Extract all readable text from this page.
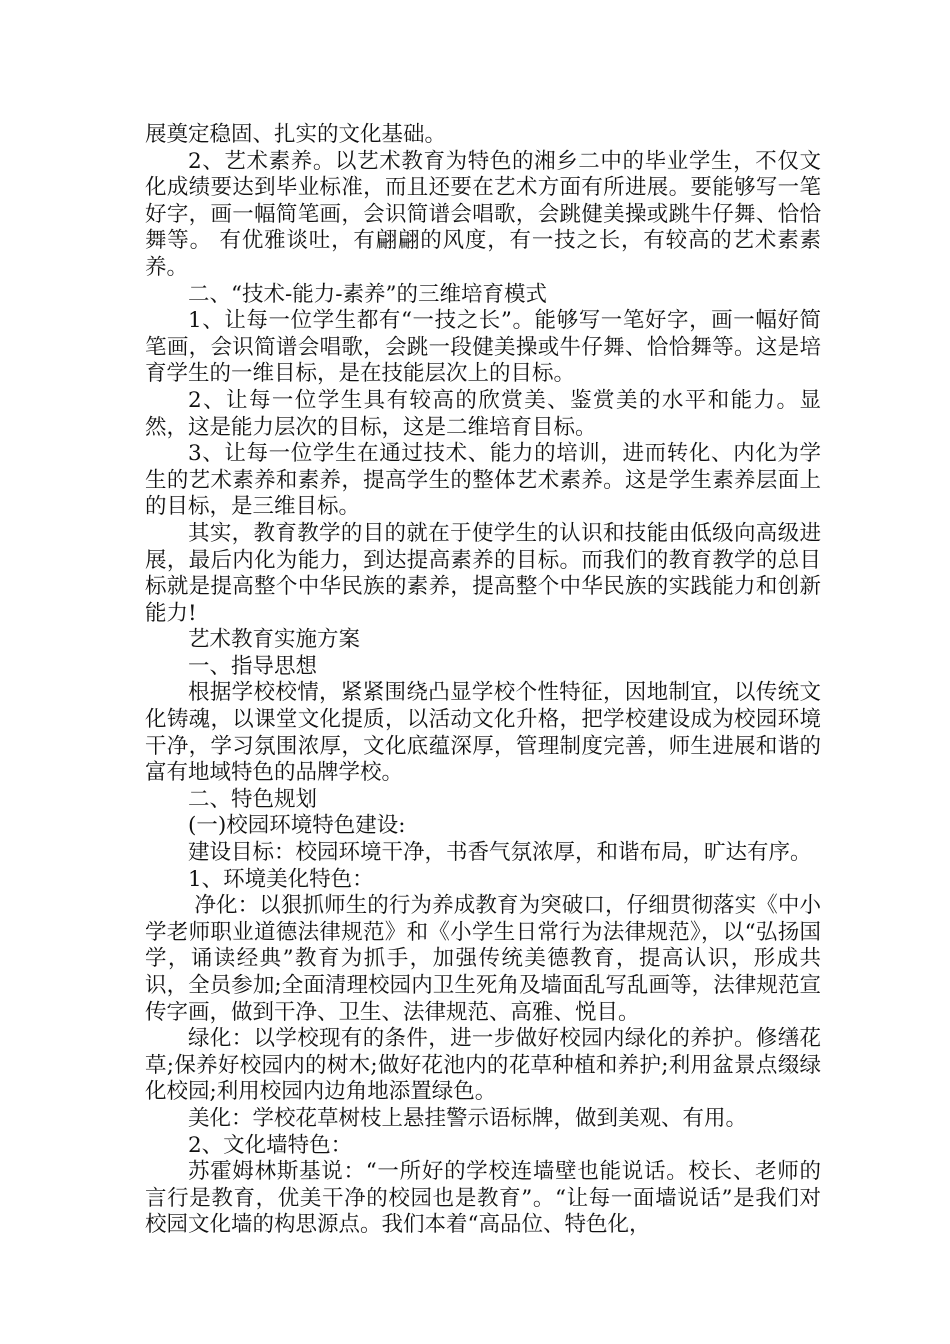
展奠定稳固、扎实的文化基础。

2、艺术素养。以艺术教育为特色的湘乡二中的毕业学生，不仅文化成绩要达到毕业标准，而且还要在艺术方面有所进展。要能够写一笔好字，画一幅简笔画，会识简谱会唱歌，会跳健美操或跳牛仔舞、恰恰舞等。 有优雅谈吐，有翩翩的风度，有一技之长，有较高的艺术素素养。

二、“技术-能力-素养”的三维培育模式

1、让每一位学生都有“一技之长”。能够写一笔好字，画一幅好简笔画，会识简谱会唱歌，会跳一段健美操或牛仔舞、恰恰舞等。这是培育学生的一维目标，是在技能层次上的目标。

2、让每一位学生具有较高的欣赏美、鉴赏美的水平和能力。显然，这是能力层次的目标，这是二维培育目标。

3、让每一位学生在通过技术、能力的培训，进而转化、内化为学生的艺术素养和素养，提高学生的整体艺术素养。这是学生素养层面上的目标，是三维目标。

其实，教育教学的目的就在于使学生的认识和技能由低级向高级进展，最后内化为能力，到达提高素养的目标。而我们的教育教学的总目标就是提高整个中华民族的素养，提高整个中华民族的实践能力和创新能力!

艺术教育实施方案

一、指导思想

根据学校校情，紧紧围绕凸显学校个性特征，因地制宜，以传统文化铸魂，以课堂文化提质，以活动文化升格，把学校建设成为校园环境干净，学习氛围浓厚，文化底蕴深厚，管理制度完善，师生进展和谐的富有地域特色的品牌学校。

二、特色规划

(一)校园环境特色建设:

建设目标：校园环境干净，书香气氛浓厚，和谐布局，旷达有序。

1、环境美化特色：

净化：以狠抓师生的行为养成教育为突破口，仔细贯彻落实《中小学老师职业道德法律规范》和《小学生日常行为法律规范》，以“弘扬国学，诵读经典”教育为抓手，加强传统美德教育，提高认识，形成共识，全员参加;全面清理校园内卫生死角及墙面乱写乱画等，法律规范宣传字画，做到干净、卫生、法律规范、高雅、悦目。

绿化：以学校现有的条件，进一步做好校园内绿化的养护。修缮花草;保养好校园内的树木;做好花池内的花草种植和养护;利用盆景点缀绿化校园;利用校园内边角地添置绿色。

美化：学校花草树枝上悬挂警示语标牌，做到美观、有用。

2、文化墙特色：

苏霍姆林斯基说：“一所好的学校连墙壁也能说话。校长、老师的言行是教育，优美干净的校园也是教育”。“让每一面墙说话”是我们对校园文化墙的构思源点。我们本着“高品位、特色化，
